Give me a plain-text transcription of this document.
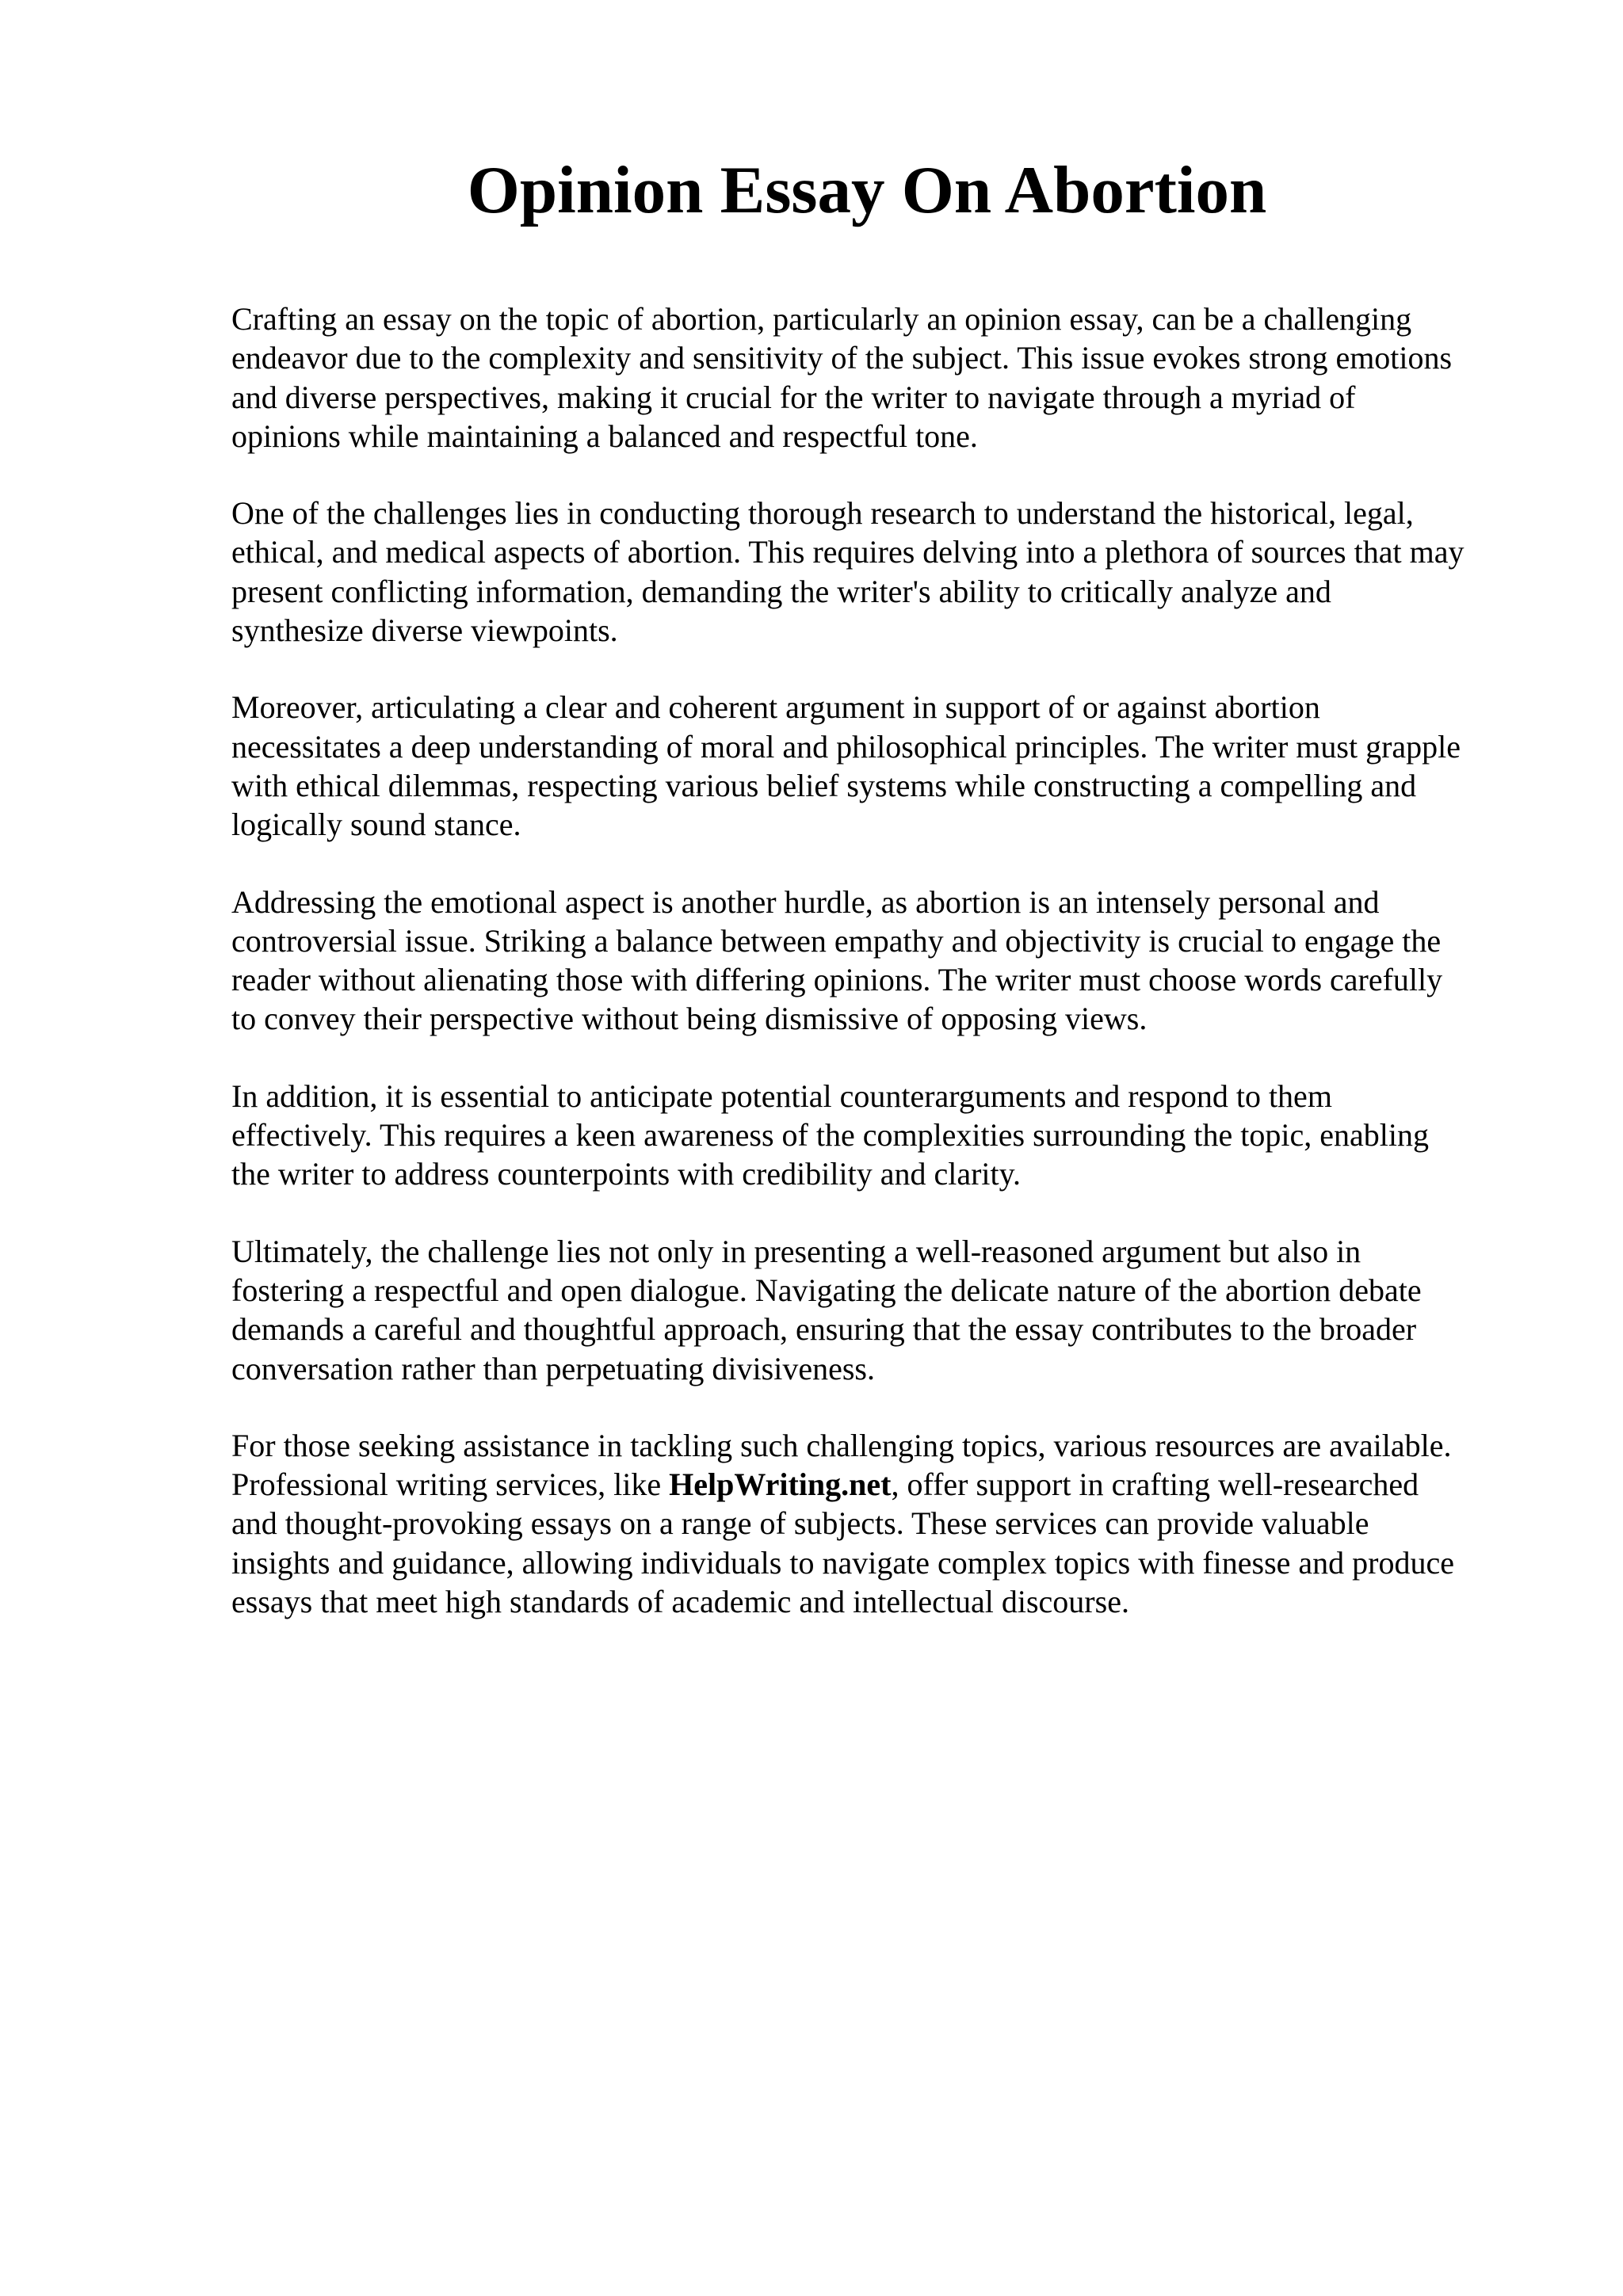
Opinion Essay On Abortion

Crafting an essay on the topic of abortion, particularly an opinion essay, can be a challenging
endeavor due to the complexity and sensitivity of the subject. This issue evokes strong emotions
and diverse perspectives, making it crucial for the writer to navigate through a myriad of
opinions while maintaining a balanced and respectful tone.

One of the challenges lies in conducting thorough research to understand the historical, legal,
ethical, and medical aspects of abortion. This requires delving into a plethora of sources that may
present conflicting information, demanding the writer's ability to critically analyze and
synthesize diverse viewpoints.

Moreover, articulating a clear and coherent argument in support of or against abortion
necessitates a deep understanding of moral and philosophical principles. The writer must grapple
with ethical dilemmas, respecting various belief systems while constructing a compelling and
logically sound stance.

Addressing the emotional aspect is another hurdle, as abortion is an intensely personal and
controversial issue. Striking a balance between empathy and objectivity is crucial to engage the
reader without alienating those with differing opinions. The writer must choose words carefully
to convey their perspective without being dismissive of opposing views.

In addition, it is essential to anticipate potential counterarguments and respond to them
effectively. This requires a keen awareness of the complexities surrounding the topic, enabling
the writer to address counterpoints with credibility and clarity.

Ultimately, the challenge lies not only in presenting a well-reasoned argument but also in
fostering a respectful and open dialogue. Navigating the delicate nature of the abortion debate
demands a careful and thoughtful approach, ensuring that the essay contributes to the broader
conversation rather than perpetuating divisiveness.

For those seeking assistance in tackling such challenging topics, various resources are available.
Professional writing services, like HelpWriting.net, offer support in crafting well-researched
and thought-provoking essays on a range of subjects. These services can provide valuable
insights and guidance, allowing individuals to navigate complex topics with finesse and produce
essays that meet high standards of academic and intellectual discourse.
